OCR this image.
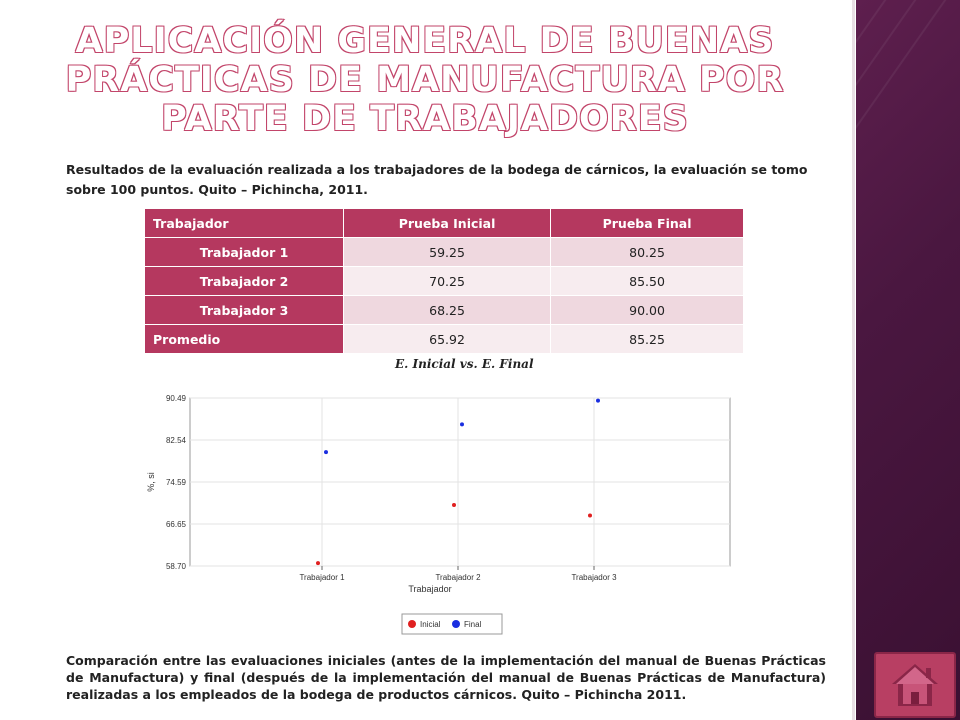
APLICACIÓN GENERAL DE BUENAS PRÁCTICAS DE MANUFACTURA POR PARTE DE TRABAJADORES
Resultados de la evaluación realizada a los trabajadores de la bodega de cárnicos, la evaluación se tomo sobre 100 puntos. Quito – Pichincha, 2011.
Trabajador	Prueba Inicial	Prueba Final
Trabajador 1	59.25	80.25
Trabajador 2	70.25	85.50
Trabajador 3	68.25	90.00
Promedio	65.92	85.25
E. Inicial vs. E. Final
58.70
66.65
74.59
82.54
90.49
Trabajador 1	Trabajador 2	Trabajador 3
Trabajador
%, si
Inicial	Final
Comparación entre las evaluaciones iniciales (antes de la implementación del manual de Buenas Prácticas de Manufactura) y final (después de la implementación del manual de Buenas Prácticas de Manufactura) realizadas a los empleados de la bodega de productos cárnicos. Quito – Pichincha 2011.
